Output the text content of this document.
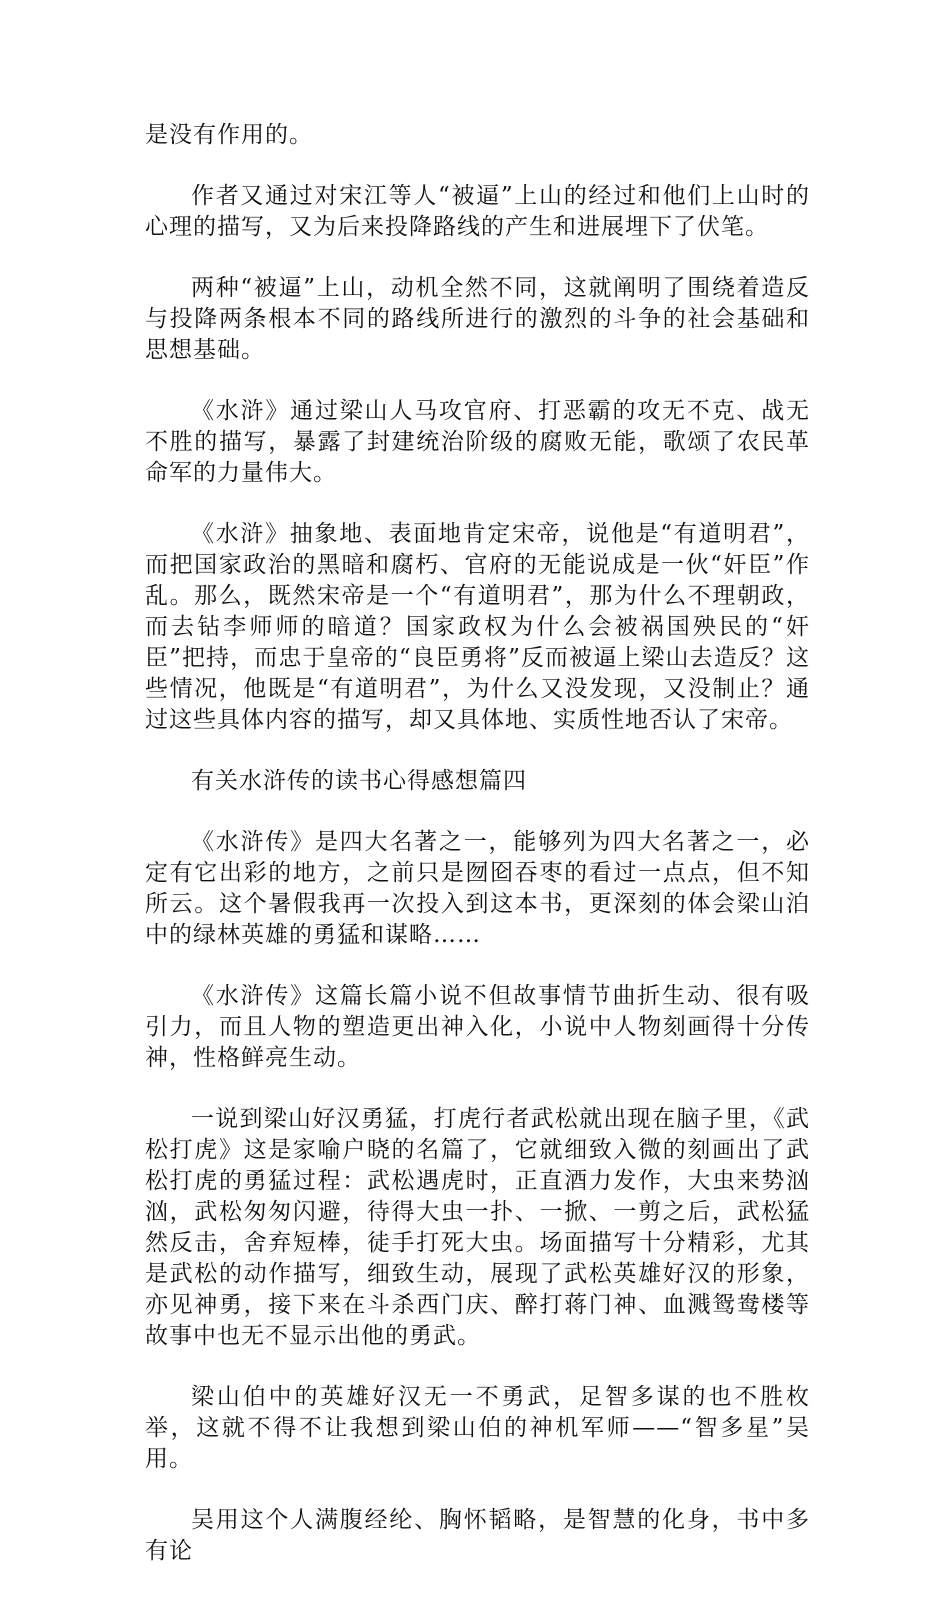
是没有作用的。

作者又通过对宋江等人“被逼”上山的经过和他们上山时的心理的描写，又为后来投降路线的产生和进展埋下了伏笔。

两种“被逼”上山，动机全然不同，这就阐明了围绕着造反与投降两条根本不同的路线所进行的激烈的斗争的社会基础和思想基础。

《水浒》通过梁山人马攻官府、打恶霸的攻无不克、战无不胜的描写，暴露了封建统治阶级的腐败无能，歌颂了农民革命军的力量伟大。

《水浒》抽象地、表面地肯定宋帝，说他是“有道明君”，而把国家政治的黑暗和腐朽、官府的无能说成是一伙“奸臣”作乱。那么，既然宋帝是一个“有道明君”，那为什么不理朝政，而去钻李师师的暗道？国家政权为什么会被祸国殃民的“奸臣”把持，而忠于皇帝的“良臣勇将”反而被逼上梁山去造反？这些情况，他既是“有道明君”，为什么又没发现，又没制止？通过这些具体内容的描写，却又具体地、实质性地否认了宋帝。

有关水浒传的读书心得感想篇四

《水浒传》是四大名著之一，能够列为四大名著之一，必定有它出彩的地方，之前只是囫囵吞枣的看过一点点，但不知所云。这个暑假我再一次投入到这本书，更深刻的体会梁山泊中的绿林英雄的勇猛和谋略……

《水浒传》这篇长篇小说不但故事情节曲折生动、很有吸引力，而且人物的塑造更出神入化，小说中人物刻画得十分传神，性格鲜亮生动。

一说到梁山好汉勇猛，打虎行者武松就出现在脑子里，《武松打虎》这是家喻户晓的名篇了，它就细致入微的刻画出了武松打虎的勇猛过程：武松遇虎时，正直酒力发作，大虫来势汹汹，武松匆匆闪避，待得大虫一扑、一掀、一剪之后，武松猛然反击，舍弃短棒，徒手打死大虫。场面描写十分精彩，尤其是武松的动作描写，细致生动，展现了武松英雄好汉的形象，亦见神勇，接下来在斗杀西门庆、醉打蒋门神、血溅鸳鸯楼等故事中也无不显示出他的勇武。

梁山伯中的英雄好汉无一不勇武，足智多谋的也不胜枚举，这就不得不让我想到梁山伯的神机军师——“智多星”吴用。

吴用这个人满腹经纶、胸怀韬略，是智慧的化身，书中多有论
